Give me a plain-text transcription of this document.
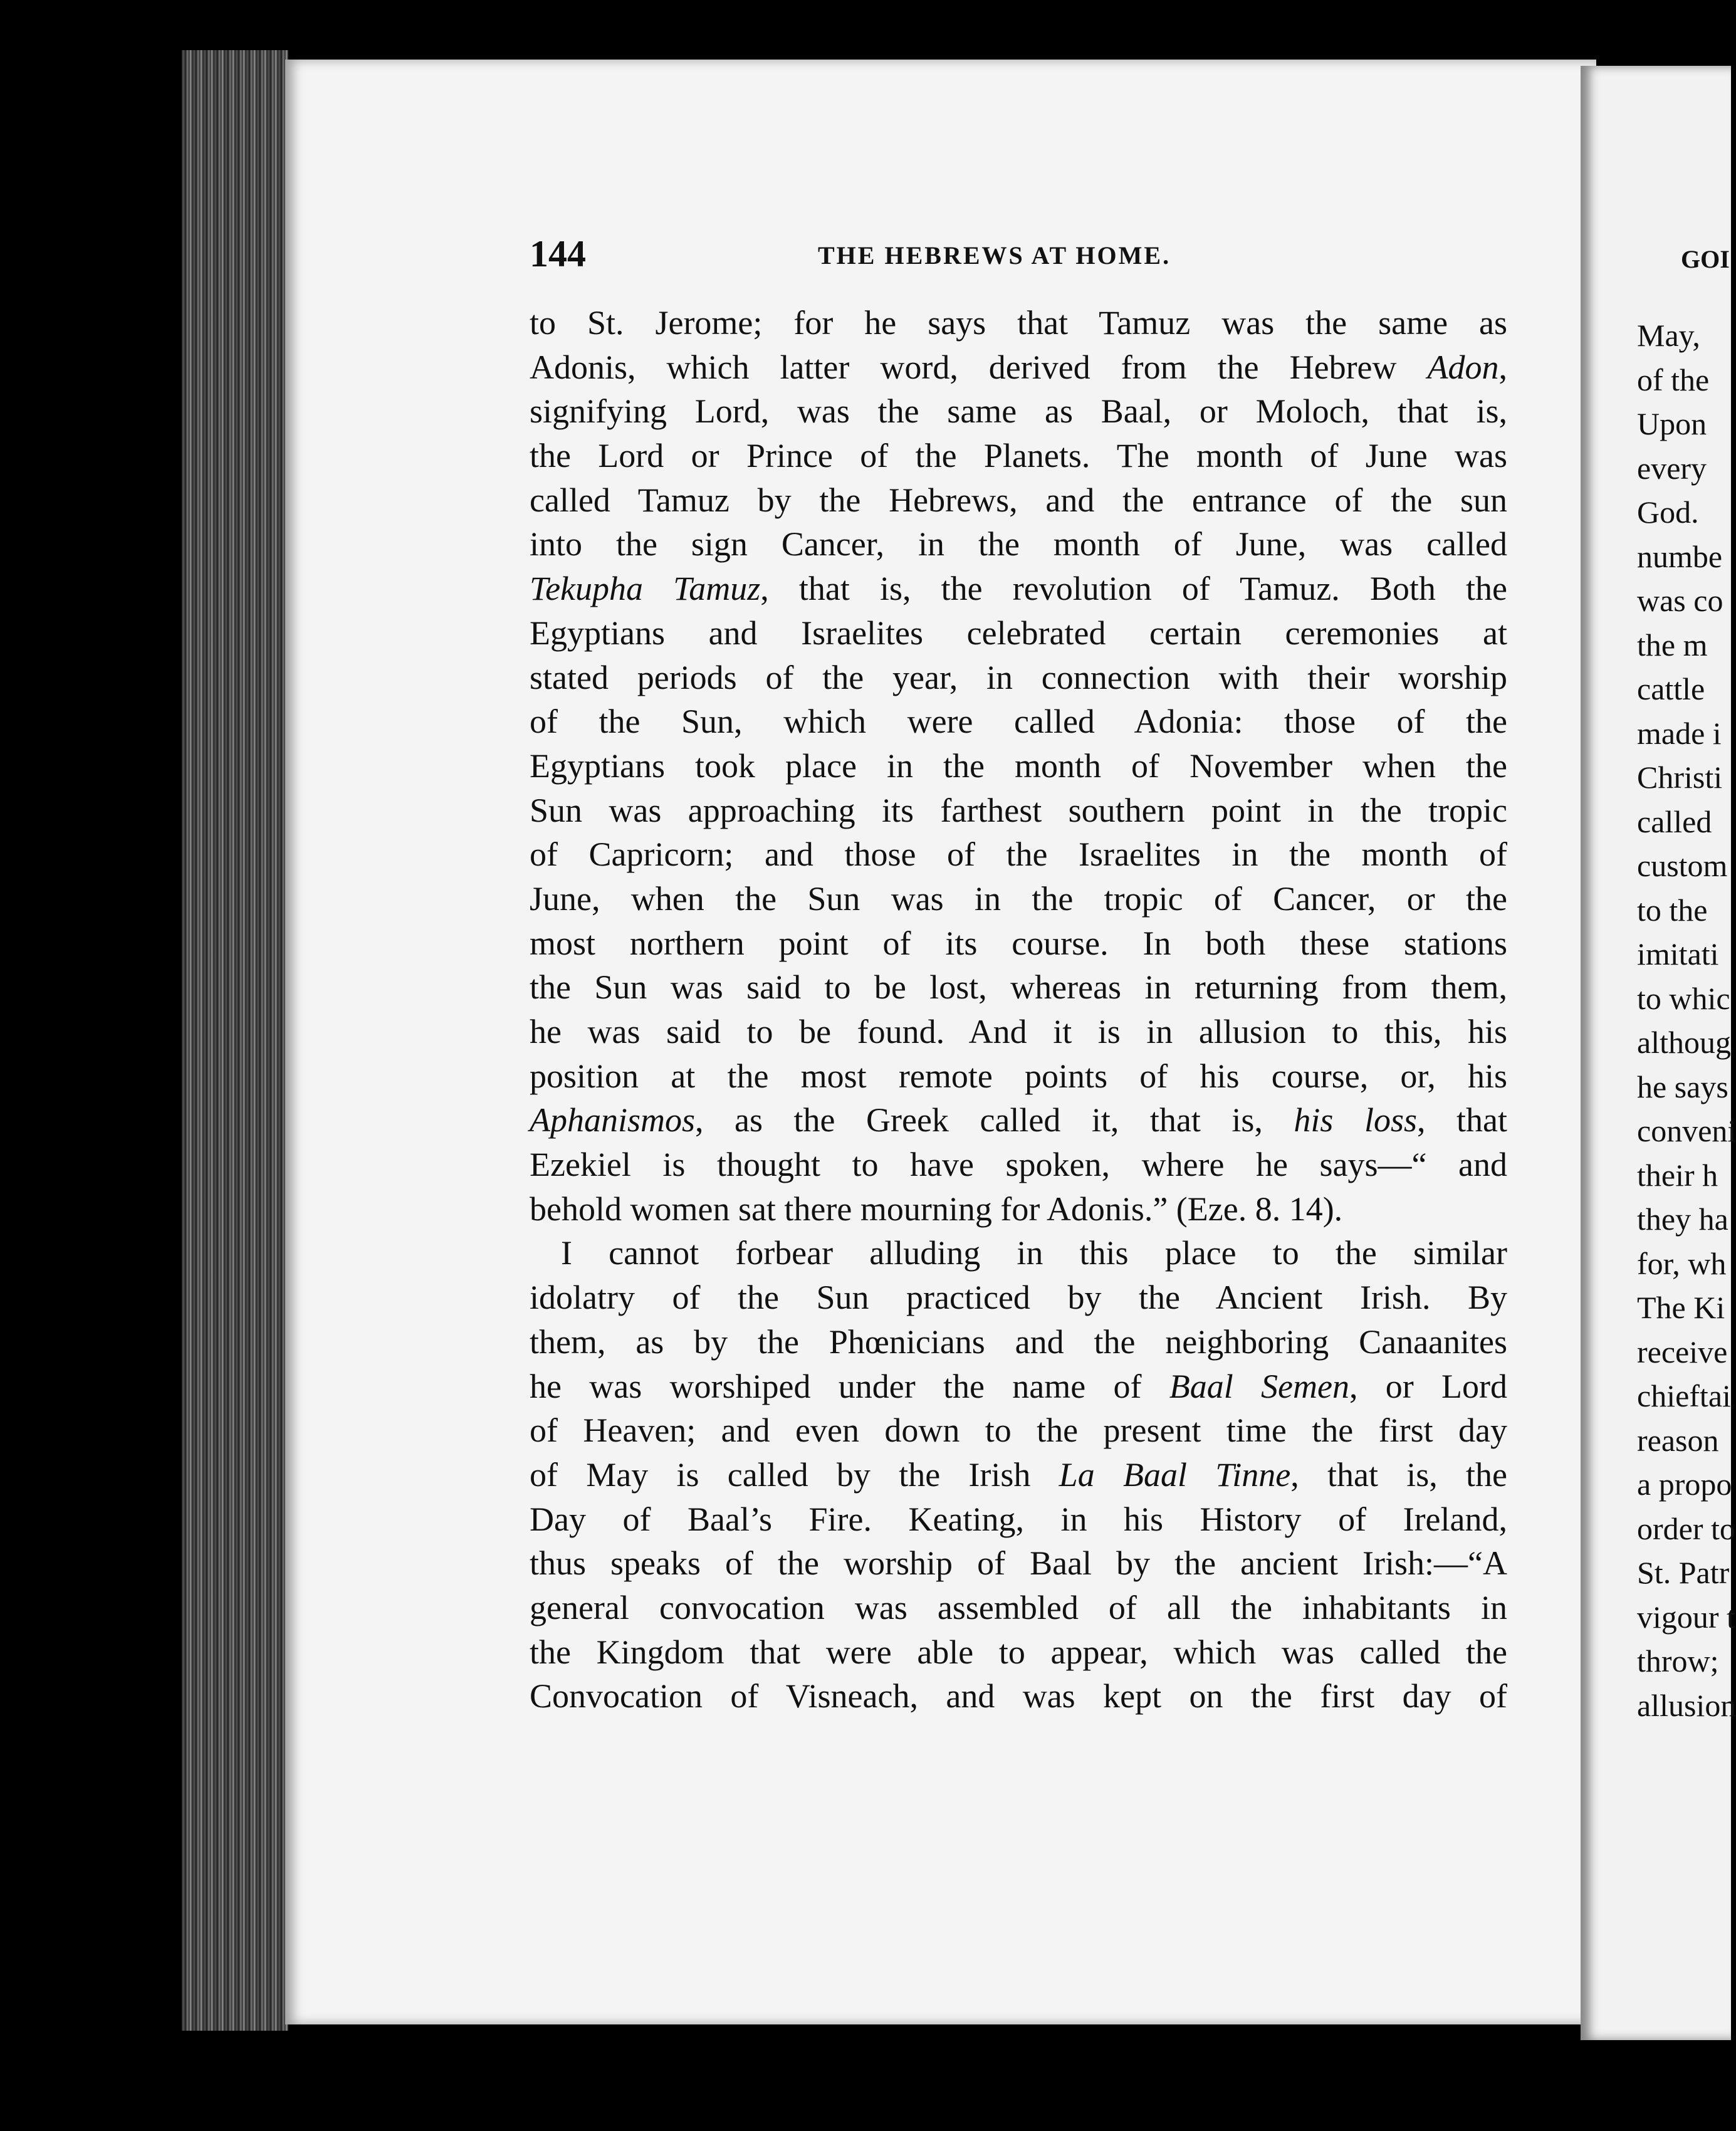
144	THE HEBREWS AT HOME.
to St. Jerome; for he says that Tamuz was the same as
Adonis, which latter word, derived from the Hebrew Adon,
signifying Lord, was the same as Baal, or Moloch, that is,
the Lord or Prince of the Planets. The month of June was
called Tamuz by the Hebrews, and the entrance of the sun
into the sign Cancer, in the month of June, was called
Tekupha Tamuz, that is, the revolution of Tamuz. Both the
Egyptians and Israelites celebrated certain ceremonies at
stated periods of the year, in connection with their worship
of the Sun, which were called Adonia: those of the
Egyptians took place in the month of November when the
Sun was approaching its farthest southern point in the tropic
of Capricorn; and those of the Israelites in the month of
June, when the Sun was in the tropic of Cancer, or the
most northern point of its course. In both these stations
the Sun was said to be lost, whereas in returning from them,
he was said to be found. And it is in allusion to this, his
position at the most remote points of his course, or, his
Aphanismos, as the Greek called it, that is, his loss, that
Ezekiel is thought to have spoken, where he says—“ and
behold women sat there mourning for Adonis.” (Eze. 8. 14).
I cannot forbear alluding in this place to the similar
idolatry of the Sun practiced by the Ancient Irish. By
them, as by the Phœnicians and the neighboring Canaanites
he was worshiped under the name of Baal Semen, or Lord
of Heaven; and even down to the present time the first day
of May is called by the Irish La Baal Tinne, that is, the
Day of Baal’s Fire. Keating, in his History of Ireland,
thus speaks of the worship of Baal by the ancient Irish:—“A
general convocation was assembled of all the inhabitants in
the Kingdom that were able to appear, which was called the
Convocation of Visneach, and was kept on the first day of
GOI
May,
of the
Upon
every
God.
numbe
was co
the m
cattle
made i
Christi
called
custom
to the
imitati
to whic
althoug
he says
conveni
their h
they ha
for, wh
The Ki
receive
chieftai
reason
a propo
order to
St. Patr
vigour t
throw;
allusion
